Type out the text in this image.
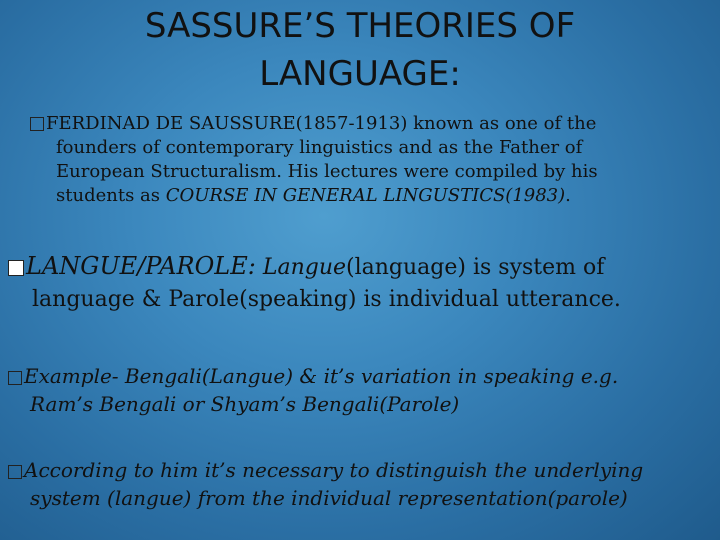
SASSURE’S THEORIES OF
LANGUAGE:
FERDINAD DE SAUSSURE(1857-1913) known as one of the
founders of contemporary linguistics and as the Father of
European Structuralism. His lectures were compiled by his
students as COURSE IN GENERAL LINGUSTICS(1983).
LANGUE/PAROLE: Langue(language) is system of
language & Parole(speaking) is individual utterance.
Example- Bengali(Langue) & it’s variation in speaking e.g.
Ram’s Bengali or Shyam’s Bengali(Parole)
According to him it’s necessary to distinguish the underlying
system (langue) from the individual representation(parole)
